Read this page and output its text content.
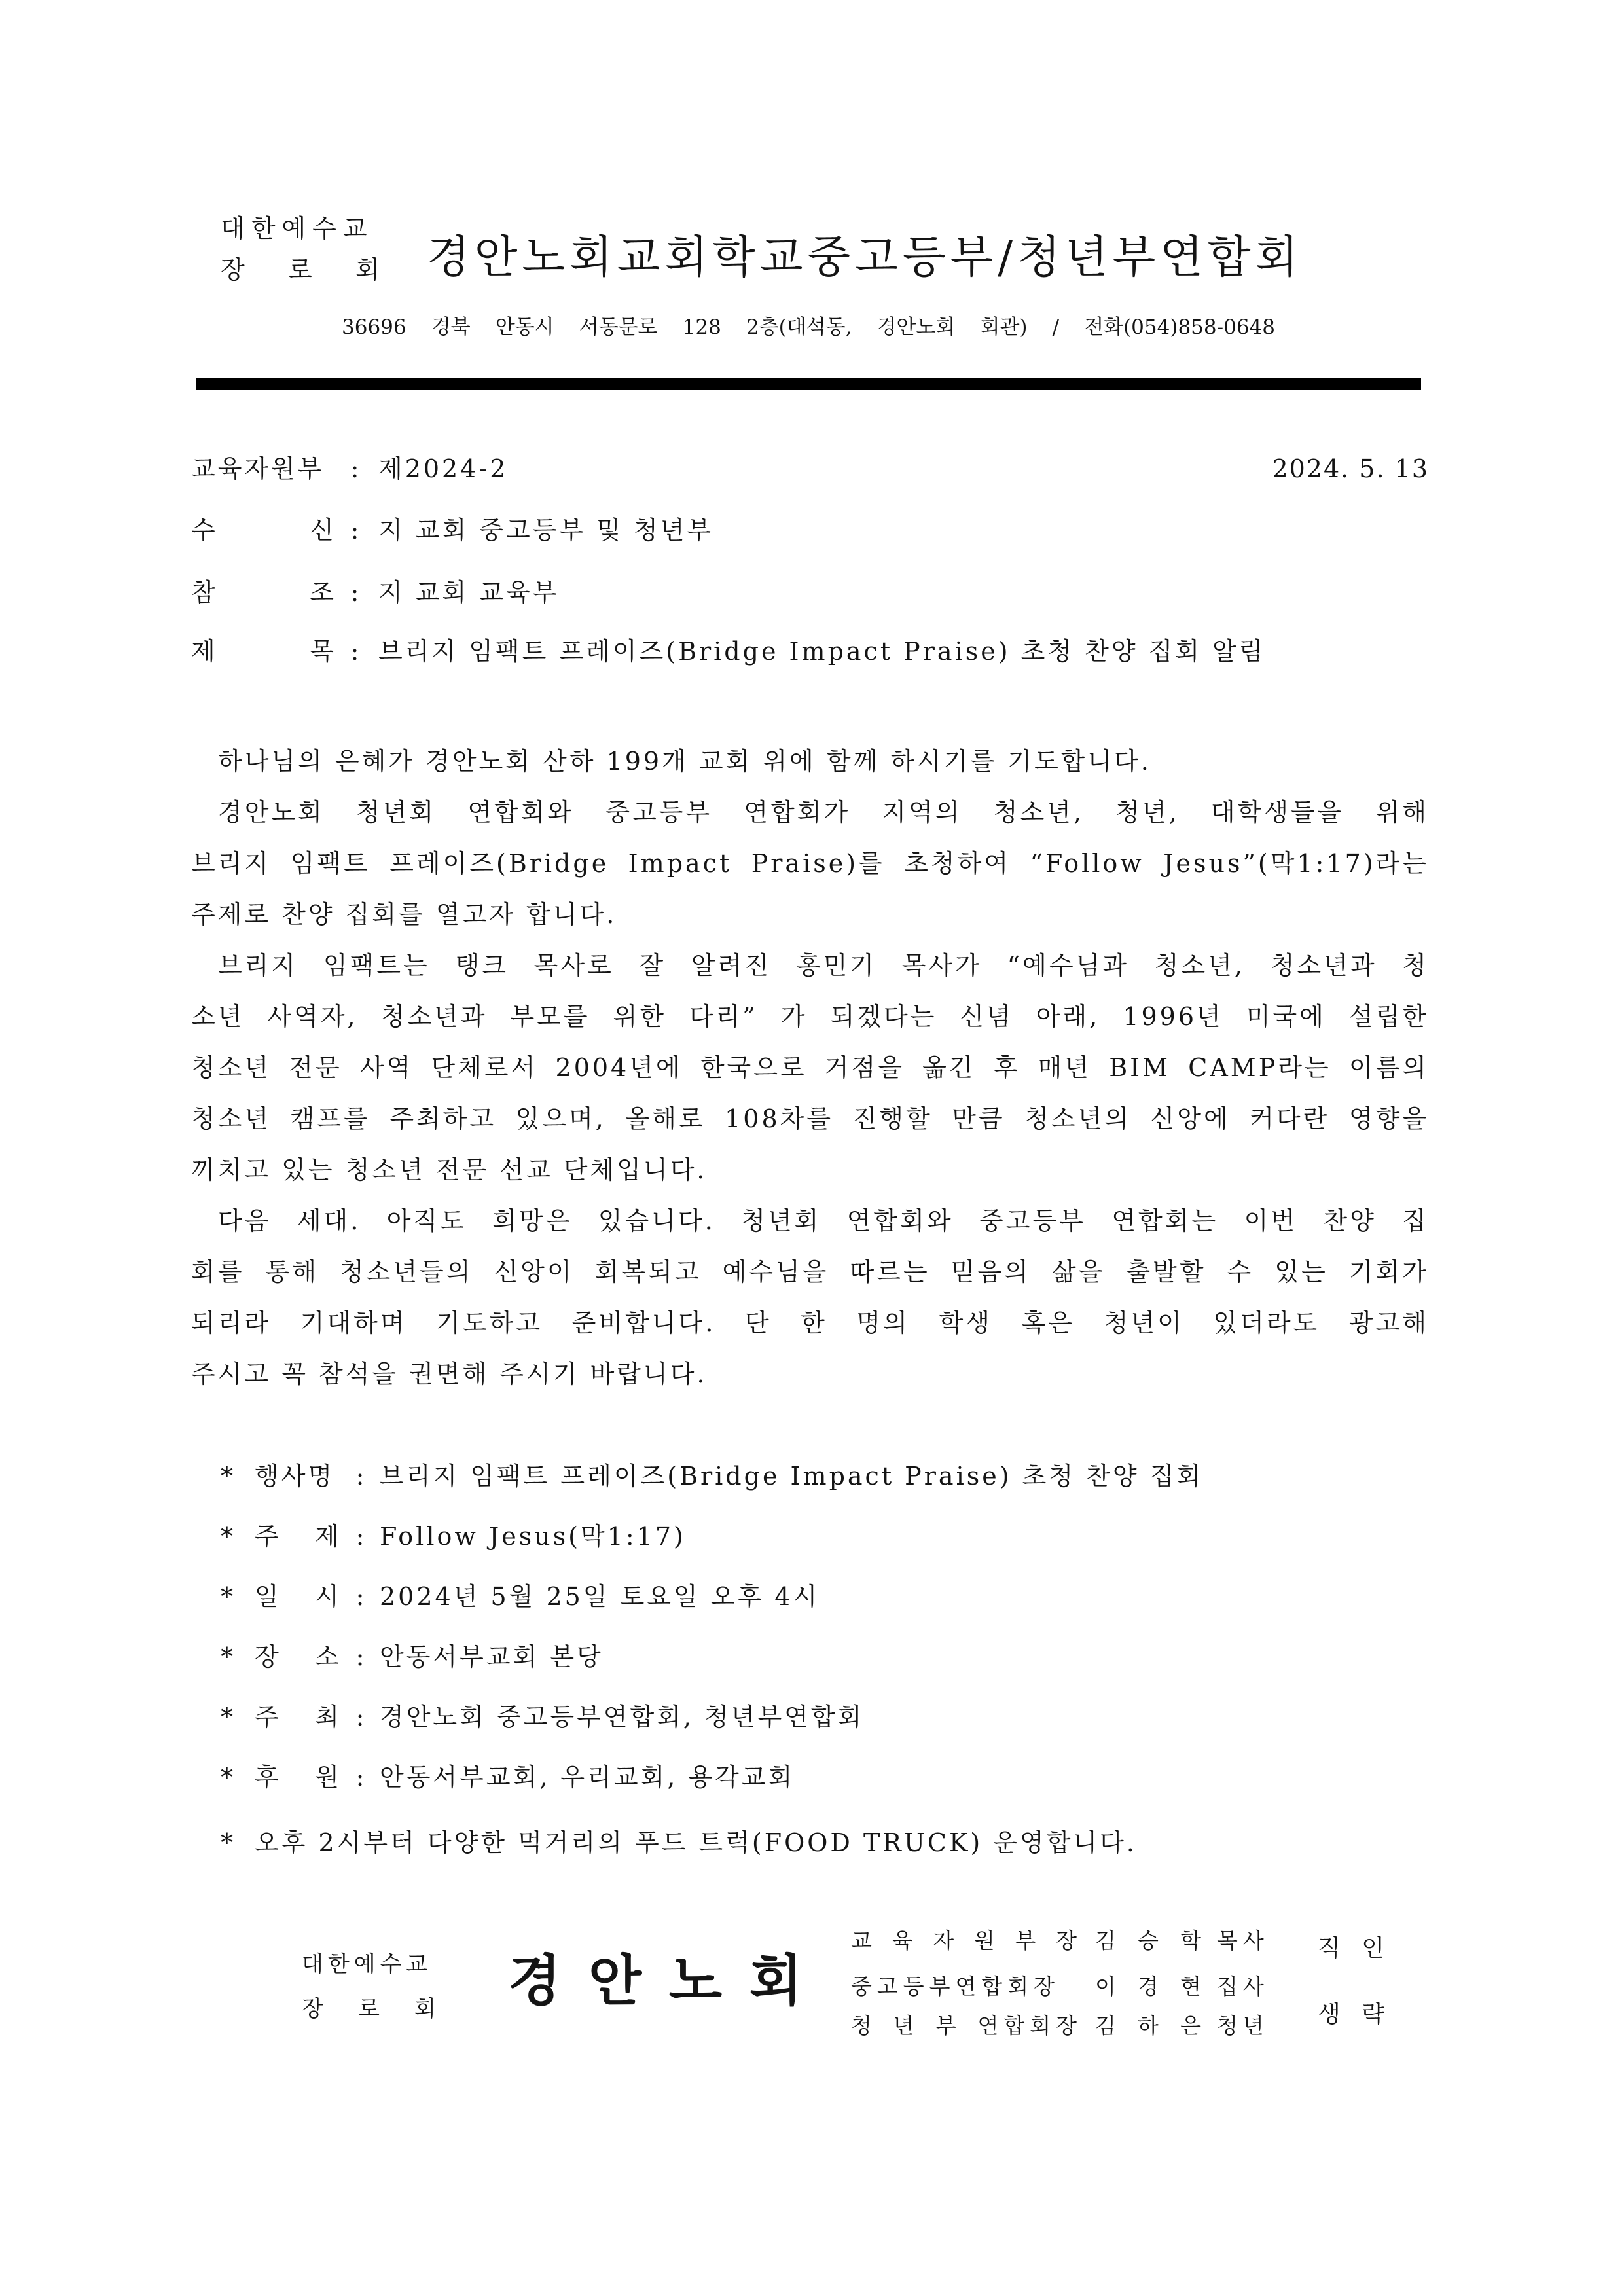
대한예수교
장 로 회 경안노회교회학교중고등부/청년부연합회
36696 경북 안동시 서동문로 128 2층(대석동, 경안노회 회관) / 전화(054)858-0648
교육자원부	: 제2024-2	2024. 5. 13
수 신 : 지 교회 중고등부 및 청년부
참 조 : 지 교회 교육부
제 목 : 브리지 임팩트 프레이즈(Bridge Impact Praise) 초청 찬양 집회 알림
하나님의 은혜가 경안노회 산하 199개 교회 위에 함께 하시기를 기도합니다.
경안노회 청년회 연합회와 중고등부 연합회가 지역의 청소년, 청년, 대학생들을 위해
브리지 임팩트 프레이즈(Bridge Impact Praise)를 초청하여 “Follow Jesus”(막1:17)라는
주제로 찬양 집회를 열고자 합니다.
브리지 임팩트는 탱크 목사로 잘 알려진 홍민기 목사가 “예수님과 청소년, 청소년과 청
소년 사역자, 청소년과 부모를 위한 다리” 가 되겠다는 신념 아래, 1996년 미국에 설립한
청소년 전문 사역 단체로서 2004년에 한국으로 거점을 옮긴 후 매년 BIM CAMP라는 이름의
청소년 캠프를 주최하고 있으며, 올해로 108차를 진행할 만큼 청소년의 신앙에 커다란 영향을
끼치고 있는 청소년 전문 선교 단체입니다.
다음 세대. 아직도 희망은 있습니다. 청년회 연합회와 중고등부 연합회는 이번 찬양 집
회를 통해 청소년들의 신앙이 회복되고 예수님을 따르는 믿음의 삶을 출발할 수 있는 기회가
되리라 기대하며 기도하고 준비합니다. 단 한 명의 학생 혹은 청년이 있더라도 광고해
주시고 꼭 참석을 권면해 주시기 바랍니다.
* 행사명 : 브리지 임팩트 프레이즈(Bridge Impact Praise) 초청 찬양 집회
* 주 제 : Follow Jesus(막1:17)
* 일 시 : 2024년 5월 25일 토요일 오후 4시
* 장 소 : 안동서부교회 본당
* 주 최 : 경안노회 중고등부연합회, 청년부연합회
* 후 원 : 안동서부교회, 우리교회, 용각교회
* 오후 2시부터 다양한 먹거리의 푸드 트럭(FOOD TRUCK) 운영합니다.
대한예수교
장 로 회 경 안 노 회
교 육 자 원 부 장 김 승 학 목사
중고등부연합회장	이 경 현 집사
청 년 부 연합회장 김 하 은 청년
직 인
생 략
